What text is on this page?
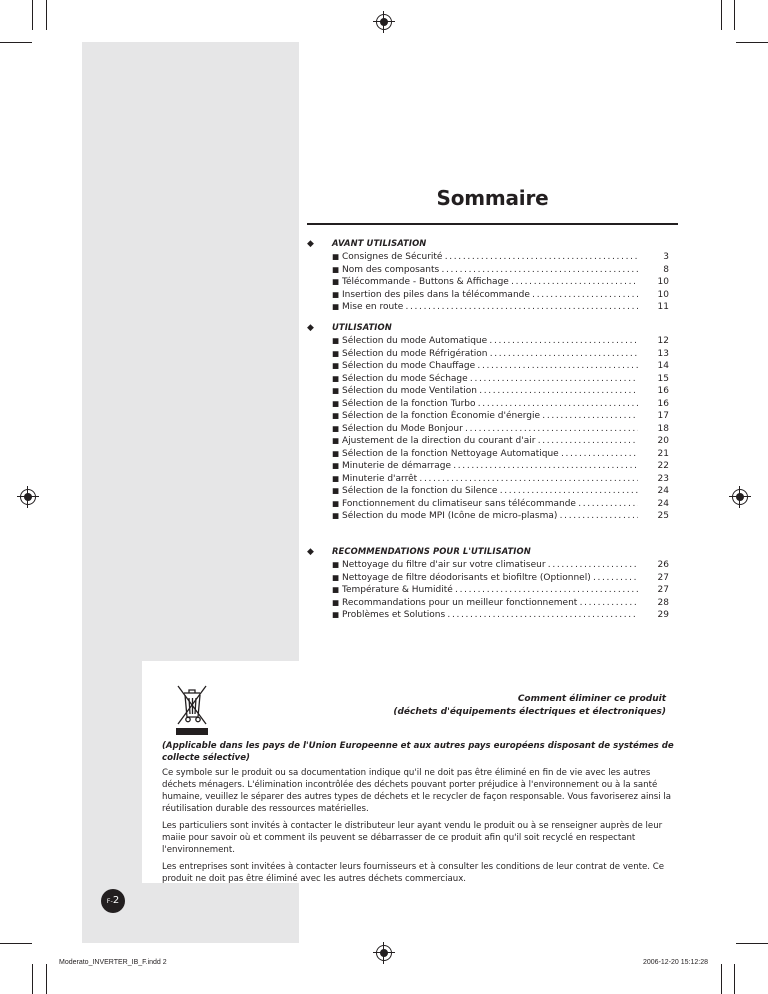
Sommaire
◆ AVANT UTILISATION
■ Consignes de Sécurité . . .	3
■ Nom des composants . . .	8
■ Télécommande - Buttons & Affichage . . .	10
■ Insertion des piles dans la télécommande . . .	10
■ Mise en route . . .	11
◆ UTILISATION
■ Sélection du mode Automatique . . .	12
■ Sélection du mode Réfrigération . . .	13
■ Sélection du mode Chauffage . . .	14
■ Sélection du mode Séchage . . .	15
■ Sélection du mode Ventilation . . .	16
■ Sélection de la fonction Turbo . . .	16
■ Sélection de la fonction Économie d'énergie . . .	17
■ Sélection du Mode Bonjour . . .	18
■ Ajustement de la direction du courant d'air . . .	20
■ Sélection de la fonction Nettoyage Automatique . . .	21
■ Minuterie de démarrage . . .	22
■ Minuterie d'arrêt . . .	23
■ Sélection de la fonction du Silence . . .	24
■ Fonctionnement du climatiseur sans télécommande . . .	24
■ Sélection du mode MPI (Icône de micro-plasma) . . .	25
◆ RECOMMENDATIONS POUR L'UTILISATION
■ Nettoyage du filtre d'air sur votre climatiseur . . .	26
■ Nettoyage de filtre déodorisants et biofiltre (Optionnel) . . .	27
■ Température & Humidité . . .	27
■ Recommandations pour un meilleur fonctionnement . . .	28
■ Problèmes et Solutions . . .	29
Comment éliminer ce produit
(déchets d'équipements électriques et électroniques)

(Applicable dans les pays de l'Union Europeenne et aux autres pays européens disposant de systémes de collecte sélective)

Ce symbole sur le produit ou sa documentation indique qu'il ne doit pas être éliminé en fin de vie avec les autres déchets ménagers. L'élimination incontrôlée des déchets pouvant porter préjudice à l'environnement ou à la santé humaine, veuillez le séparer des autres types de déchets et le recycler de façon responsable. Vous favoriserez ainsi la réutilisation durable des ressources matérielles.

Les particuliers sont invités à contacter le distributeur leur ayant vendu le produit ou à se renseigner auprès de leur maiie pour savoir où et comment ils peuvent se débarrasser de ce produit afin qu'il soit recyclé en respectant l'environnement.

Les entreprises sont invitées à contacter leurs fournisseurs et à consulter les conditions de leur contrat de vente. Ce produit ne doit pas être éliminé avec les autres déchets commerciaux.

F-2
Moderato_INVERTER_IB_F.indd 2	2006-12-20 15:12:28
